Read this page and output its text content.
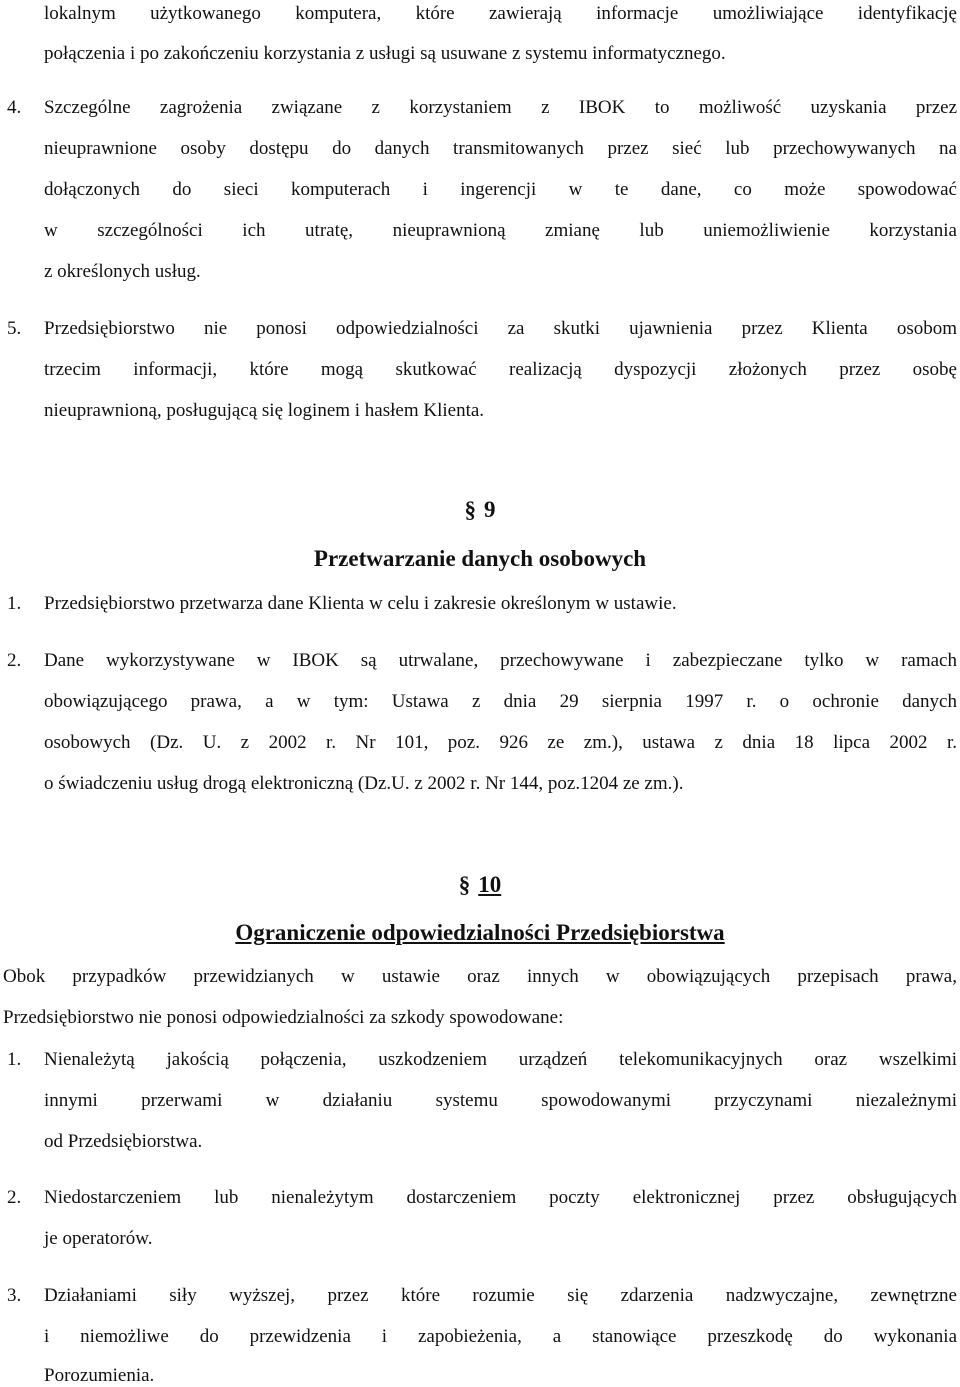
lokalnym użytkowanego komputera, które zawierają informacje umożliwiające identyfikację
połączenia i po zakończeniu korzystania z usługi są usuwane z systemu informatycznego.
4. Szczególne zagrożenia związane z korzystaniem z IBOK to możliwość uzyskania przez
nieuprawnione osoby dostępu do danych transmitowanych przez sieć lub przechowywanych na
dołączonych do sieci komputerach i ingerencji w te dane, co może spowodować
w szczególności ich utratę, nieuprawnioną zmianę lub uniemożliwienie korzystania
z określonych usług.
5. Przedsiębiorstwo nie ponosi odpowiedzialności za skutki ujawnienia przez Klienta osobom
trzecim informacji, które mogą skutkować realizacją dyspozycji złożonych przez osobę
nieuprawnioną, posługującą się loginem i hasłem Klienta.
§ 9
Przetwarzanie danych osobowych
1. Przedsiębiorstwo przetwarza dane Klienta w celu i zakresie określonym w ustawie.
2. Dane wykorzystywane w IBOK są utrwalane, przechowywane i zabezpieczane tylko w ramach
obowiązującego prawa, a w tym: Ustawa z dnia 29 sierpnia 1997 r. o ochronie danych
osobowych (Dz. U. z 2002 r. Nr 101, poz. 926 ze zm.), ustawa z dnia 18 lipca 2002 r.
o świadczeniu usług drogą elektroniczną (Dz.U. z 2002 r. Nr 144, poz.1204 ze zm.).
§ 10
Ograniczenie odpowiedzialności Przedsiębiorstwa
Obok przypadków przewidzianych w ustawie oraz innych w obowiązujących przepisach prawa,
Przedsiębiorstwo nie ponosi odpowiedzialności za szkody spowodowane:
1. Nienależytą jakością połączenia, uszkodzeniem urządzeń telekomunikacyjnych oraz wszelkimi
innymi przerwami w działaniu systemu spowodowanymi przyczynami niezależnymi
od Przedsiębiorstwa.
2. Niedostarczeniem lub nienależytym dostarczeniem poczty elektronicznej przez obsługujących
je operatorów.
3. Działaniami siły wyższej, przez które rozumie się zdarzenia nadzwyczajne, zewnętrzne
i niemożliwe do przewidzenia i zapobieżenia, a stanowiące przeszkodę do wykonania
Porozumienia.
